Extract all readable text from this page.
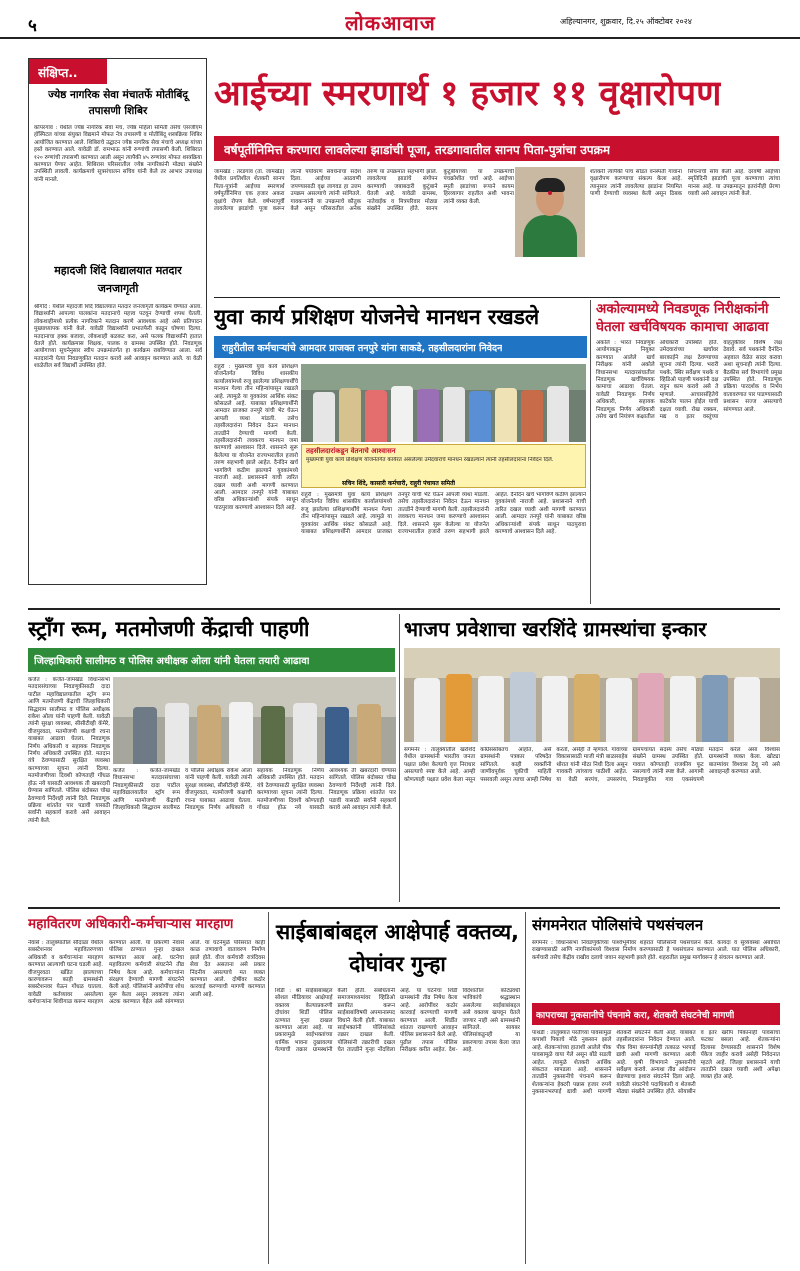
५	लोकआवाज	अहिल्यानगर, शुक्रवार, दि.२५ ऑक्टोबर २०२४
संक्षिप्त..
ज्येष्ठ नागरिक सेवा मंचातर्फे मोतीबिंदू तपासणी शिबिर
कोपरगाव : येथील ज्येष्ठ नागरिक सेवा मंच, ज्येष्ठ महिला समिती तसेच एसजीएम हॉस्पिटल यांच्या संयुक्त विद्यमाने मोफत नेत्र तपासणी व मोतीबिंदू शस्त्रक्रिया शिबिर आयोजित करण्यात आले. शिबिराचे उद्घाटन ज्येष्ठ नागरिक सेवा मंचाचे अध्यक्ष यांच्या हस्ते करण्यात आले. यावेळी डॉ. रामभाऊ यांनी रुग्णांची तपासणी केली. शिबिरात १२० रुग्णांची तपासणी करण्यात आली असून त्यापैकी ४५ रुग्णांवर मोफत शस्त्रक्रिया करण्यात येणार आहेत. शिबिरास परिसरातील ज्येष्ठ नागरिकांनी मोठ्या संख्येने उपस्थिती लावली. कार्यक्रमाचे सूत्रसंचालन सचिव यांनी केले तर आभार उपाध्यक्ष यांनी मानले.
महादजी शिंदे विद्यालयात मतदार जनजागृती
श्रीगोंदे : येथील महादजी शिंदे विद्यालयात मतदार जनजागृती कार्यक्रम घेण्यात आला. विद्यार्थ्यांनी आपल्या पालकांना मतदानाचे महत्त्व पटवून देण्याची शपथ घेतली. लोकशाहीमध्ये प्रत्येक नागरिकाने मतदान करणे आवश्यक आहे असे प्रतिपादन मुख्याध्यापक यांनी केले. यावेळी विद्यार्थ्यांनी प्रभातफेरी काढून घोषणा दिल्या. मतदानाचा हक्क बजावा, लोकशाही बळकट करा, असे फलक विद्यार्थ्यांनी हातात घेतले होते. कार्यक्रमास शिक्षक, पालक व ग्रामस्थ उपस्थित होते. निवडणूक आयोगाच्या सूचनेनुसार स्वीप उपक्रमांतर्गत हा कार्यक्रम राबविण्यात आला. सर्व मतदारांनी येत्या निवडणुकीत मतदान करावे असे आवाहन करण्यात आले. या वेळी शाळेतील सर्व विद्यार्थी उपस्थित होते.
आईच्या स्मरणार्थ १ हजार ११ वृक्षारोपण
वर्षपूर्तीनिमित्त करणारा लावलेल्या झाडांची पूजा, तरडगावातील सानप पिता-पुत्रांचा उपक्रम
जामखेड : तरडगाव (ता. जामखेड) येथील प्रगतिशील शेतकरी सानप पिता-पुत्रांनी आईच्या स्मरणार्थ वर्षपूर्तीनिमित्त एक हजार अकरा वृक्षांचे रोपण केले. वर्षभरापूर्वी लावलेल्या झाडांची पूजा करून त्यांनी पर्यावरण संवर्धनाचा संदेश दिला. आईच्या आठवणी जपण्यासाठी वृक्ष लागवड हा उत्तम उपक्रम असल्याचे त्यांनी सांगितले. गावकऱ्यांनी या उपक्रमाचे कौतुक केले असून परिसरातील अनेक तरुण या उपक्रमात सहभागी झाले. लावलेल्या झाडांचे संगोपन करण्याची जबाबदारी कुटुंबाने घेतली आहे. यावेळी ग्रामस्थ, नातेवाईक व मित्रपरिवार मोठ्या संख्येने उपस्थित होते. सानप कुटुंबीयांच्या या उपक्रमाची पंचक्रोशीत चर्चा आहे. आईच्या स्मृती झाडांच्या रूपाने कायम हिरव्यागार राहतील अशी भावना त्यांनी व्यक्त केली.
शेतकरी त्यांपैकी पाच सोडत वनस्पती गावांना वृक्षारोपण करण्याचा संकल्प केला आहे. त्यानुसार त्यांनी लावलेल्या झाडांना नियमित पाणी देण्याची व्यवस्था केली असून ठिबक सिंचनाची सोय केली आहे. दरवर्षी आईच्या स्मृतिदिनी झाडांची पूजा करण्याचा त्यांचा मानस आहे. या उपक्रमातून इतरांनीही प्रेरणा घ्यावी असे आवाहन त्यांनी केले.
युवा कार्य प्रशिक्षण योजनेचे मानधन रखडले
राहुरीतील कर्मचाऱ्यांचे आमदार प्राजक्त तनपुरे यांना साकडे, तहसीलदारांना निवेदन
राहुरी : मुख्यमंत्री युवा कार्य प्रशिक्षण योजनेंतर्गत विविध शासकीय कार्यालयांमध्ये रुजू झालेल्या प्रशिक्षणार्थींचे मानधन गेल्या तीन महिन्यांपासून रखडले आहे. त्यामुळे या युवकांवर आर्थिक संकट कोसळले आहे. याबाबत प्रशिक्षणार्थींनी आमदार प्राजक्त तनपुरे यांची भेट घेऊन आपली व्यथा मांडली. तसेच तहसीलदारांना निवेदन देऊन मानधन तातडीने देण्याची मागणी केली. तहसीलदारांनी लवकरच मानधन जमा करण्याचे आश्वासन दिले. शासनाने सुरू केलेल्या या योजनेत राज्यभरातील हजारो तरुण सहभागी झाले आहेत. दैनंदिन खर्च भागविणे कठीण झाल्याने युवकांमध्ये नाराजी आहे. प्रशासनाने याची त्वरित दखल घ्यावी अशी मागणी करण्यात आली. आमदार तनपुरे यांनी याबाबत वरिष्ठ अधिकाऱ्यांशी संपर्क साधून पाठपुरावा करण्याचे आश्वासन दिले आहे.
तहसीलदारांकडून वेतनाचे आश्वासन
मुख्यमंत्री युवा कार्य प्रशिक्षण योजनेंतर्गत कार्यरत असलेल्या उमेदवारांचे मानधन रखडल्याने त्यांनी तहसीलदारांना निवेदन दिले.
सचिन शिंदे, कासारी कर्मचारी, राहुरी पंचायत समिती
राहुरी : मुख्यमंत्री युवा कार्य प्रशिक्षण योजनेंतर्गत विविध शासकीय कार्यालयांमध्ये रुजू झालेल्या प्रशिक्षणार्थींचे मानधन गेल्या तीन महिन्यांपासून रखडले आहे. त्यामुळे या युवकांवर आर्थिक संकट कोसळले आहे. याबाबत प्रशिक्षणार्थींनी आमदार प्राजक्त तनपुरे यांची भेट घेऊन आपली व्यथा मांडली. तसेच तहसीलदारांना निवेदन देऊन मानधन तातडीने देण्याची मागणी केली. तहसीलदारांनी लवकरच मानधन जमा करण्याचे आश्वासन दिले. शासनाने सुरू केलेल्या या योजनेत राज्यभरातील हजारो तरुण सहभागी झाले आहेत. दैनंदिन खर्च भागविणे कठीण झाल्याने युवकांमध्ये नाराजी आहे. प्रशासनाने याची त्वरित दखल घ्यावी अशी मागणी करण्यात आली. आमदार तनपुरे यांनी याबाबत वरिष्ठ अधिकाऱ्यांशी संपर्क साधून पाठपुरावा करण्याचे आश्वासन दिले आहे.
अकोल्यामध्ये निवडणूक निरीक्षकांनी घेतला खर्चविषयक कामाचा आढावा
अकोले : भारत निवडणूक आयोगाकडून नियुक्त करण्यात आलेले खर्च निरीक्षक यांनी अकोले विधानसभा मतदारसंघातील निवडणूक खर्चविषयक कामाचा आढावा घेतला. यावेळी निवडणूक निर्णय अधिकारी, सहायक निवडणूक निर्णय अधिकारी तसेच खर्च नियंत्रण कक्षातील अधिकारी उपस्थित होते. उमेदवारांच्या खर्चावर बारकाईने लक्ष ठेवण्याच्या सूचना त्यांनी दिल्या. भरारी पथके, स्थिर सर्वेक्षण पथके व व्हिडिओ पाहणी पथकांनी दक्ष राहून काम करावे असे ते म्हणाले. आचारसंहितेचे काटेकोर पालन होईल याची दक्षता घ्यावी. रोख रक्कम, मद्य व इतर वस्तूंच्या वाहतुकीवर विशेष लक्ष ठेवावे. सर्व पथकांनी दैनंदिन अहवाल वेळेत सादर करावा अशा सूचनाही त्यांनी दिल्या. बैठकीस सर्व विभागांचे प्रमुख उपस्थित होते. निवडणूक प्रक्रिया पारदर्शक व निर्भय वातावरणात पार पाडण्यासाठी प्रशासन सज्ज असल्याचे सांगण्यात आले.
स्ट्रॉंग रूम, मतमोजणी केंद्राची पाहणी
जिल्हाधिकारी सालीमठ व पोलिस अधीक्षक ओला यांनी घेतला तयारी आढावा
कर्जत : कर्जत-जामखेड विधानसभा मतदारसंघाच्या निवडणुकीसाठी दादा पाटील महाविद्यालयातील स्ट्रॉंग रूम आणि मतमोजणी केंद्राची जिल्हाधिकारी सिद्धाराम सालीमठ व पोलिस अधीक्षक राकेश ओला यांनी पाहणी केली. यावेळी त्यांनी सुरक्षा व्यवस्था, सीसीटीव्ही कॅमेरे, वीजपुरवठा, मतमोजणी कक्षाची रचना याबाबत आढावा घेतला. निवडणूक निर्णय अधिकारी व सहायक निवडणूक निर्णय अधिकारी उपस्थित होते. मतदान यंत्रे ठेवण्यासाठी सुरक्षित व्यवस्था करण्याच्या सूचना त्यांनी दिल्या. मतमोजणीच्या दिवशी कोणताही गोंधळ होऊ नये यासाठी आवश्यक ती खबरदारी घेण्यास सांगितले. पोलिस बंदोबस्त चोख ठेवण्याचे निर्देशही त्यांनी दिले. निवडणूक प्रक्रिया शांततेत पार पडावी यासाठी सर्वांनी सहकार्य करावे असे आवाहन त्यांनी केले.
कर्जत : कर्जत-जामखेड विधानसभा मतदारसंघाच्या निवडणुकीसाठी दादा पाटील महाविद्यालयातील स्ट्रॉंग रूम आणि मतमोजणी केंद्राची जिल्हाधिकारी सिद्धाराम सालीमठ व पोलिस अधीक्षक राकेश ओला यांनी पाहणी केली. यावेळी त्यांनी सुरक्षा व्यवस्था, सीसीटीव्ही कॅमेरे, वीजपुरवठा, मतमोजणी कक्षाची रचना याबाबत आढावा घेतला. निवडणूक निर्णय अधिकारी व सहायक निवडणूक निर्णय अधिकारी उपस्थित होते. मतदान यंत्रे ठेवण्यासाठी सुरक्षित व्यवस्था करण्याच्या सूचना त्यांनी दिल्या. मतमोजणीच्या दिवशी कोणताही गोंधळ होऊ नये यासाठी आवश्यक ती खबरदारी घेण्यास सांगितले. पोलिस बंदोबस्त चोख ठेवण्याचे निर्देशही त्यांनी दिले. निवडणूक प्रक्रिया शांततेत पार पडावी यासाठी सर्वांनी सहकार्य करावे असे आवाहन त्यांनी केले.
भाजप प्रवेशाचा खरशिंदे ग्रामस्थांचा इन्कार
संगमनेर : तालुक्यातील खरशिंदे येथील ग्रामस्थांनी भारतीय जनता पक्षात प्रवेश केल्याचे वृत्त निराधार असल्याचे स्पष्ट केले आहे. आम्ही कोणत्याही पक्षात प्रवेश केला नसून काँग्रेससोबतच आहोत, असे ग्रामस्थांनी पत्रकार परिषदेत सांगितले. काही व्यक्तींनी जाणीवपूर्वक चुकीची माहिती पसरवली असून त्याचा आम्ही निषेध करतो, असेही ते म्हणाले. गावाच्या विकासासाठी माजी मंत्री बाळासाहेब थोरात यांनी मोठा निधी दिला असून गावकरी त्यांच्याच पाठीशी आहेत. या वेळी सरपंच, उपसरपंच, ग्रामपंचायत सदस्य तसेच मोठ्या संख्येने ग्रामस्थ उपस्थित होते. गावात कोणताही राजकीय फूट नसल्याचे त्यांनी स्पष्ट केले. आगामी निवडणुकीत गाव एकसंघपणे मतदान करेल असा विश्वास ग्रामस्थांनी व्यक्त केला. खोट्या बातम्यांवर विश्वास ठेवू नये असे आवाहनही करण्यात आले.
महावितरण अधिकारी-कर्मचाऱ्यास मारहाण
नेवासे : तालुक्यातील सौंदाळा येथील सबस्टेशनवर महावितरणच्या अधिकारी व कर्मचाऱ्यांना मारहाण करण्यात आल्याची घटना घडली आहे. वीजपुरवठा खंडित झाल्याच्या कारणावरून काही ग्रामस्थांनी सबस्टेशनवर येऊन गोंधळ घातला. यावेळी कर्तव्यावर असलेल्या कर्मचाऱ्यांना शिवीगाळ करून मारहाण करण्यात आली. या प्रकरणी नेवासे पोलिस ठाण्यात गुन्हा दाखल करण्यात आला आहे. घटनेचा महावितरण कर्मचारी संघटनेने तीव्र निषेध केला आहे. कर्मचाऱ्यांना संरक्षण देण्याची मागणी संघटनेने केली आहे. पोलिसांनी आरोपींचा शोध सुरू केला असून लवकरच त्यांना अटक करण्यात येईल असे सांगण्यात आले. या घटनेमुळे परिसरात काही काळ तणावाचे वातावरण निर्माण झाले होते. वीज कर्मचारी रात्रंदिवस सेवा देत असताना असे प्रकार निंदनीय असल्याचे मत व्यक्त करण्यात आले. दोषींवर कठोर कारवाई करण्याची मागणी करण्यात आली आहे.
साईबाबांबद्दल आक्षेपार्ह वक्तव्य, दोघांवर गुन्हा
शिर्डी : श्री साईबाबांबद्दल सोशल मीडियावर आक्षेपार्ह वक्तव्य केल्याप्रकरणी दोघांवर शिर्डी पोलिस ठाण्यात गुन्हा दाखल करण्यात आला आहे. या प्रकारामुळे साईभक्तांच्या धार्मिक भावना दुखावल्या गेल्याची तक्रार ग्रामस्थांनी केली होती. संबंधितांनी समाजमाध्यमांवर व्हिडिओ प्रसारित करून साईबाबांविषयी अपमानास्पद विधाने केली होती. याबाबत साईभक्तांनी पोलिसांकडे तक्रार दाखल केली. पोलिसांनी तक्रारीची दखल घेत तातडीने गुन्हा नोंदविला आहे. या घटनेचा शिर्डी ग्रामस्थांनी तीव्र निषेध केला आहे. आरोपींवर कठोर कारवाई करण्याची मागणी करण्यात आली. शिर्डीत शांतता राखण्याचे आवाहन पोलिस प्रशासनाने केले आहे. पुढील तपास पोलिस निरीक्षक करीत आहेत. देश-विदेशातील कोट्यवधी भाविकांचे श्रद्धास्थान असलेल्या साईबाबांबद्दल असे वक्तव्य खपवून घेतले जाणार नाही असे ग्रामस्थांनी सांगितले. सायबर पोलिसांकडूनही या प्रकरणाचा तपास केला जात आहे.
संगमनेरात पोलिसांचे पथसंचलन
संगमनेर : विधानसभा निवडणुकीच्या पार्श्वभूमीवर शहरात पोलिसांनी पथसंचलन केले. कायदा व सुव्यवस्था अबाधित राखण्यासाठी आणि नागरिकांमध्ये विश्वास निर्माण करण्यासाठी हे पथसंचलन करण्यात आले. यात पोलिस अधिकारी, कर्मचारी तसेच केंद्रीय राखीव दलाचे जवान सहभागी झाले होते. शहरातील प्रमुख मार्गांवरून हे संचलन करण्यात आले.
कापराच्या नुकसानीचे पंचनामे करा, शेतकरी संघटनेची मागणी
पाथर्डी : तालुक्यात परतीच्या पावसामुळे कपाशी पिकाचे मोठे नुकसान झाले आहे. शेतकऱ्यांच्या हाताशी आलेले पीक पावसामुळे वाया गेले असून बोंडे सडली आहेत. त्यामुळे शेतकरी आर्थिक संकटात सापडला आहे. शासनाने तातडीने नुकसानीचे पंचनामे करून शेतकऱ्यांना हेक्टरी पन्नास हजार रुपये नुकसानभरपाई द्यावी अशी मागणी शेतकरी संघटनेने केली आहे. याबाबत तहसीलदारांना निवेदन देण्यात आले. पीक विमा कंपन्यांनीही तत्काळ भरपाई द्यावी अशी मागणी करण्यात आली आहे. कृषी विभागाने नुकसानीचे सर्वेक्षण करावे. अन्यथा तीव्र आंदोलन छेडण्याचा इशारा संघटनेने दिला आहे. यावेळी संघटनेचे पदाधिकारी व शेतकरी मोठ्या संख्येने उपस्थित होते. सोयाबीन व इतर खरीप पिकांनाही पावसाचा फटका बसला आहे. शेतकऱ्यांना दिलासा देण्यासाठी शासनाने विशेष पॅकेज जाहीर करावे असेही निवेदनात म्हटले आहे. जिल्हा प्रशासनाने याची तातडीने दखल घ्यावी अशी अपेक्षा व्यक्त होत आहे.
